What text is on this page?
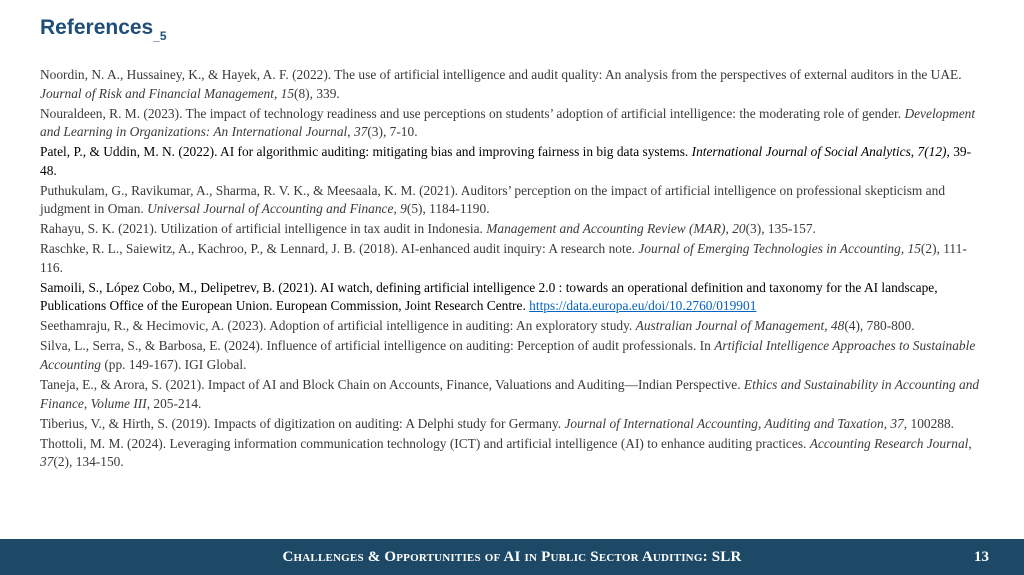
References$_{\_5}$

Noordin, N. A., Hussainey, K., & Hayek, A. F. (2022). The use of artificial intelligence and audit quality: An analysis from the perspectives of external auditors in the UAE. Journal of Risk and Financial Management, 15(8), 339.

Nouraldeen, R. M. (2023). The impact of technology readiness and use perceptions on students’ adoption of artificial intelligence: the moderating role of gender. Development and Learning in Organizations: An International Journal, 37(3), 7-10.

Patel, P., & Uddin, M. N. (2022). AI for algorithmic auditing: mitigating bias and improving fairness in big data systems. International Journal of Social Analytics, 7(12), 39-48.

Puthukulam, G., Ravikumar, A., Sharma, R. V. K., & Meesaala, K. M. (2021). Auditors’ perception on the impact of artificial intelligence on professional skepticism and judgment in Oman. Universal Journal of Accounting and Finance, 9(5), 1184-1190.

Rahayu, S. K. (2021). Utilization of artificial intelligence in tax audit in Indonesia. Management and Accounting Review (MAR), 20(3), 135-157.

Raschke, R. L., Saiewitz, A., Kachroo, P., & Lennard, J. B. (2018). AI-enhanced audit inquiry: A research note. Journal of Emerging Technologies in Accounting, 15(2), 111-116.

Samoili, S., López Cobo, M., Delipetrev, B. (2021). AI watch, defining artificial intelligence 2.0 : towards an operational definition and taxonomy for the AI landscape, Publications Office of the European Union. European Commission, Joint Research Centre. https://data.europa.eu/doi/10.2760/019901

Seethamraju, R., & Hecimovic, A. (2023). Adoption of artificial intelligence in auditing: An exploratory study. Australian Journal of Management, 48(4), 780-800.

Silva, L., Serra, S., & Barbosa, E. (2024). Influence of artificial intelligence on auditing: Perception of audit professionals. In Artificial Intelligence Approaches to Sustainable Accounting (pp. 149-167). IGI Global.

Taneja, E., & Arora, S. (2021). Impact of AI and Block Chain on Accounts, Finance, Valuations and Auditing—Indian Perspective. Ethics and Sustainability in Accounting and Finance, Volume III, 205-214.

Tiberius, V., & Hirth, S. (2019). Impacts of digitization on auditing: A Delphi study for Germany. Journal of International Accounting, Auditing and Taxation, 37, 100288.

Thottoli, M. M. (2024). Leveraging information communication technology (ICT) and artificial intelligence (AI) to enhance auditing practices. Accounting Research Journal, 37(2), 134-150.

Challenges & Opportunities of AI in Public Sector Auditing: SLR	13
